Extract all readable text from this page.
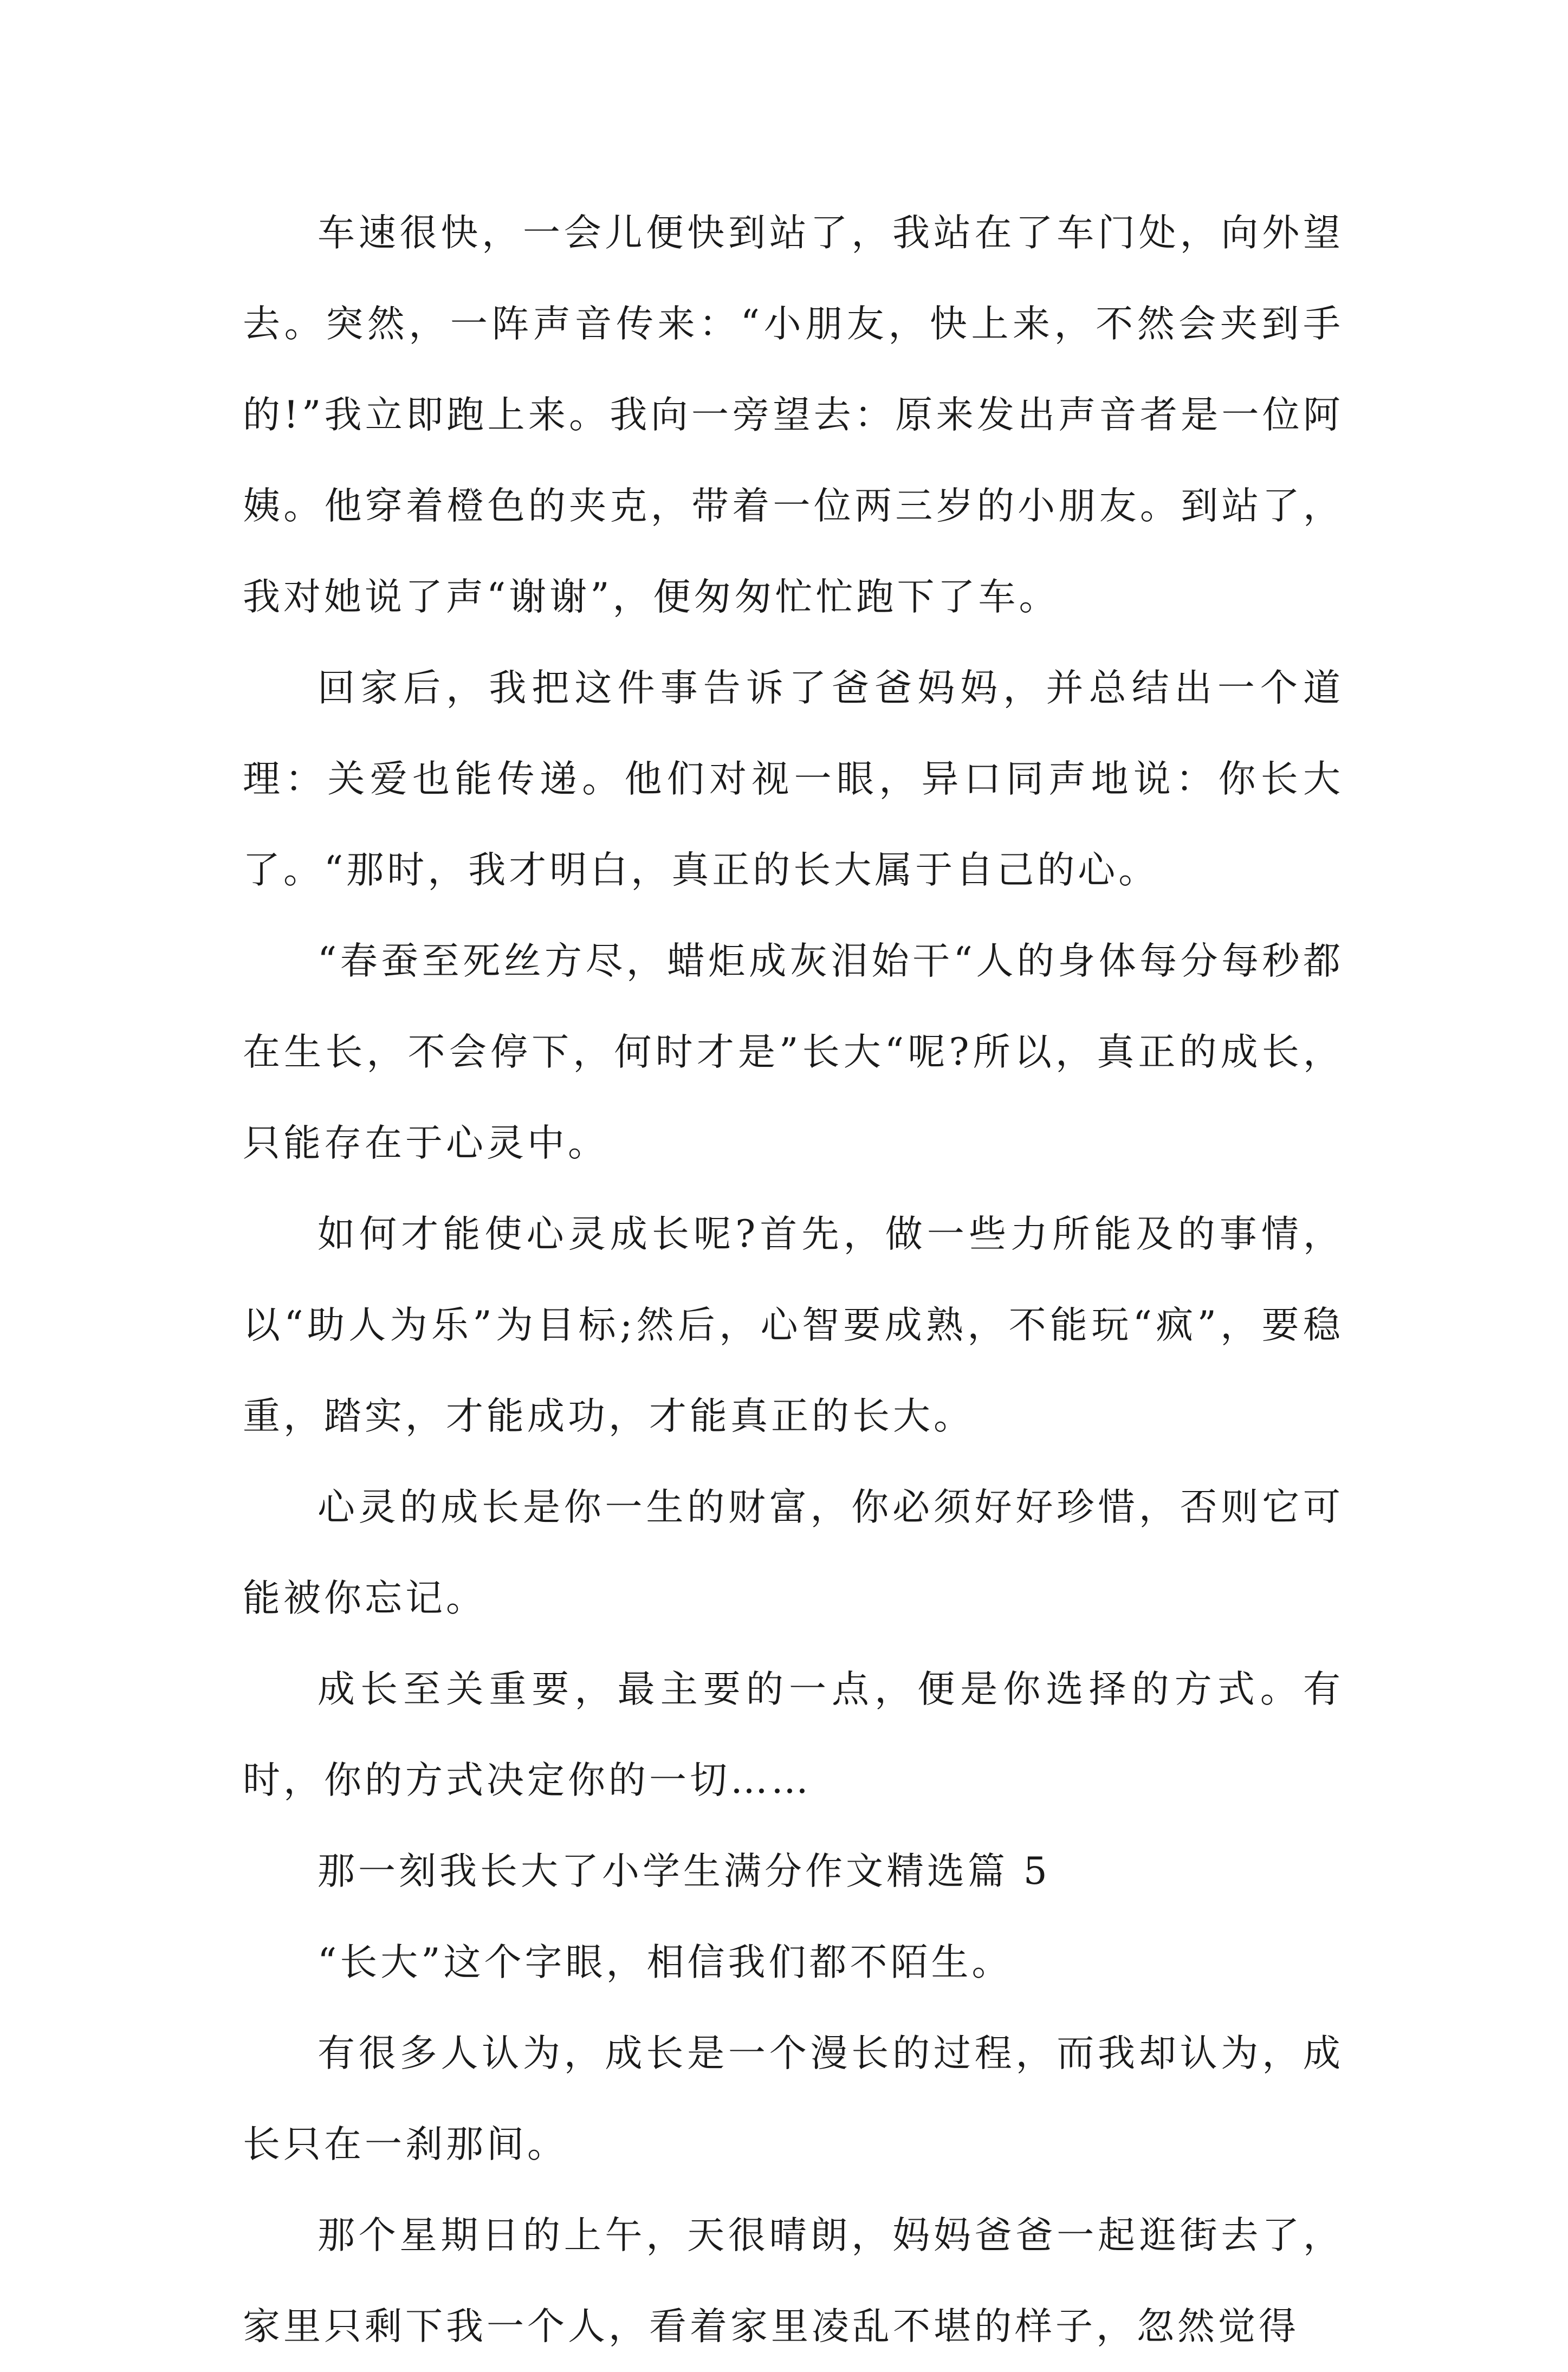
车速很快，一会儿便快到站了，我站在了车门处，向外望去。突然，一阵声音传来：“小朋友，快上来，不然会夹到手的!”我立即跑上来。我向一旁望去：原来发出声音者是一位阿姨。他穿着橙色的夹克，带着一位两三岁的小朋友。到站了，我对她说了声“谢谢”，便匆匆忙忙跑下了车。

回家后，我把这件事告诉了爸爸妈妈，并总结出一个道理：关爱也能传递。他们对视一眼，异口同声地说：你长大了。“那时，我才明白，真正的长大属于自己的心。

“春蚕至死丝方尽，蜡炬成灰泪始干“人的身体每分每秒都在生长，不会停下，何时才是”长大“呢?所以，真正的成长，只能存在于心灵中。

如何才能使心灵成长呢?首先，做一些力所能及的事情，以“助人为乐”为目标;然后，心智要成熟，不能玩“疯”，要稳重，踏实，才能成功，才能真正的长大。

心灵的成长是你一生的财富，你必须好好珍惜，否则它可能被你忘记。

成长至关重要，最主要的一点，便是你选择的方式。有时，你的方式决定你的一切……

那一刻我长大了小学生满分作文精选篇 5

“长大”这个字眼，相信我们都不陌生。

有很多人认为，成长是一个漫长的过程，而我却认为，成长只在一刹那间。

那个星期日的上午，天很晴朗，妈妈爸爸一起逛街去了，家里只剩下我一个人，看着家里凌乱不堪的样子，忽然觉得
